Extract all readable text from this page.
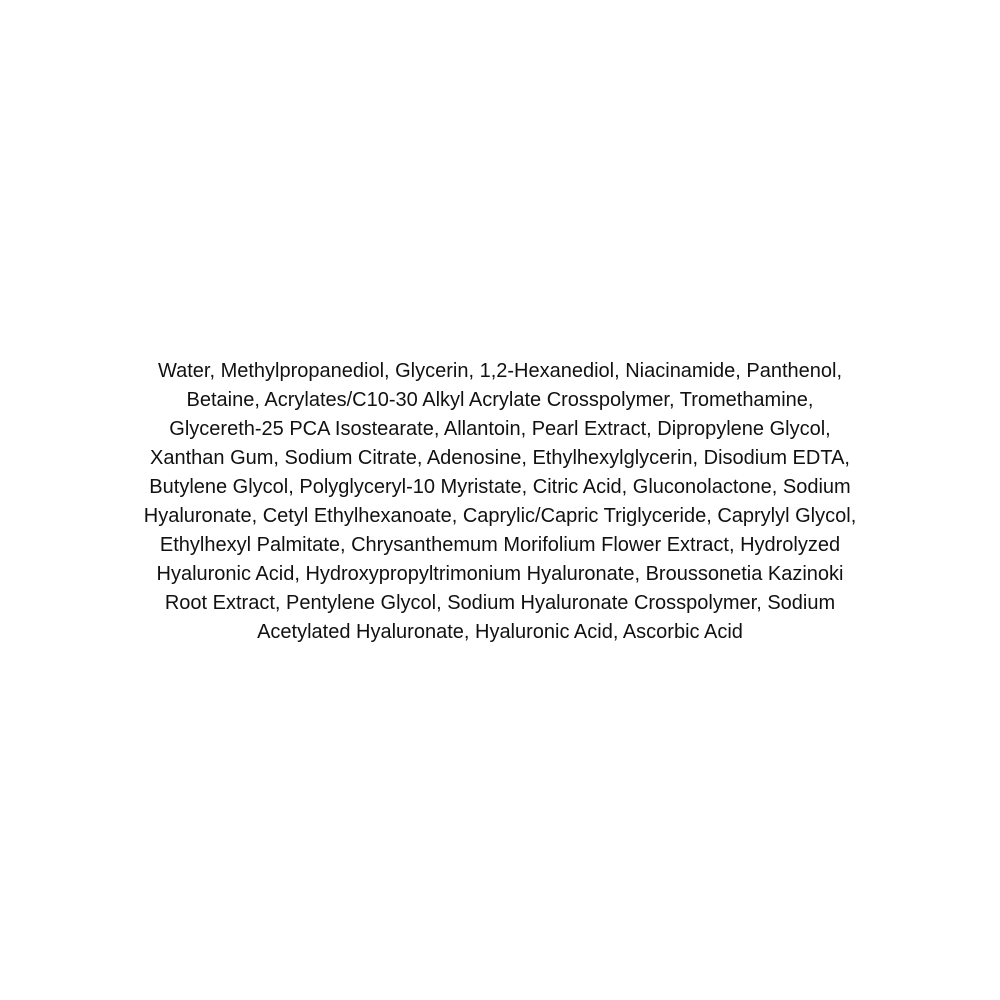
Water, Methylpropanediol, Glycerin, 1,2-Hexanediol, Niacinamide, Panthenol,
Betaine, Acrylates/C10-30 Alkyl Acrylate Crosspolymer, Tromethamine,
Glycereth-25 PCA Isostearate, Allantoin, Pearl Extract, Dipropylene Glycol,
Xanthan Gum, Sodium Citrate, Adenosine, Ethylhexylglycerin, Disodium EDTA,
Butylene Glycol, Polyglyceryl-10 Myristate, Citric Acid, Gluconolactone, Sodium
Hyaluronate, Cetyl Ethylhexanoate, Caprylic/Capric Triglyceride, Caprylyl Glycol,
Ethylhexyl Palmitate, Chrysanthemum Morifolium Flower Extract, Hydrolyzed
Hyaluronic Acid, Hydroxypropyltrimonium Hyaluronate, Broussonetia Kazinoki
Root Extract, Pentylene Glycol, Sodium Hyaluronate Crosspolymer, Sodium
Acetylated Hyaluronate, Hyaluronic Acid, Ascorbic Acid
